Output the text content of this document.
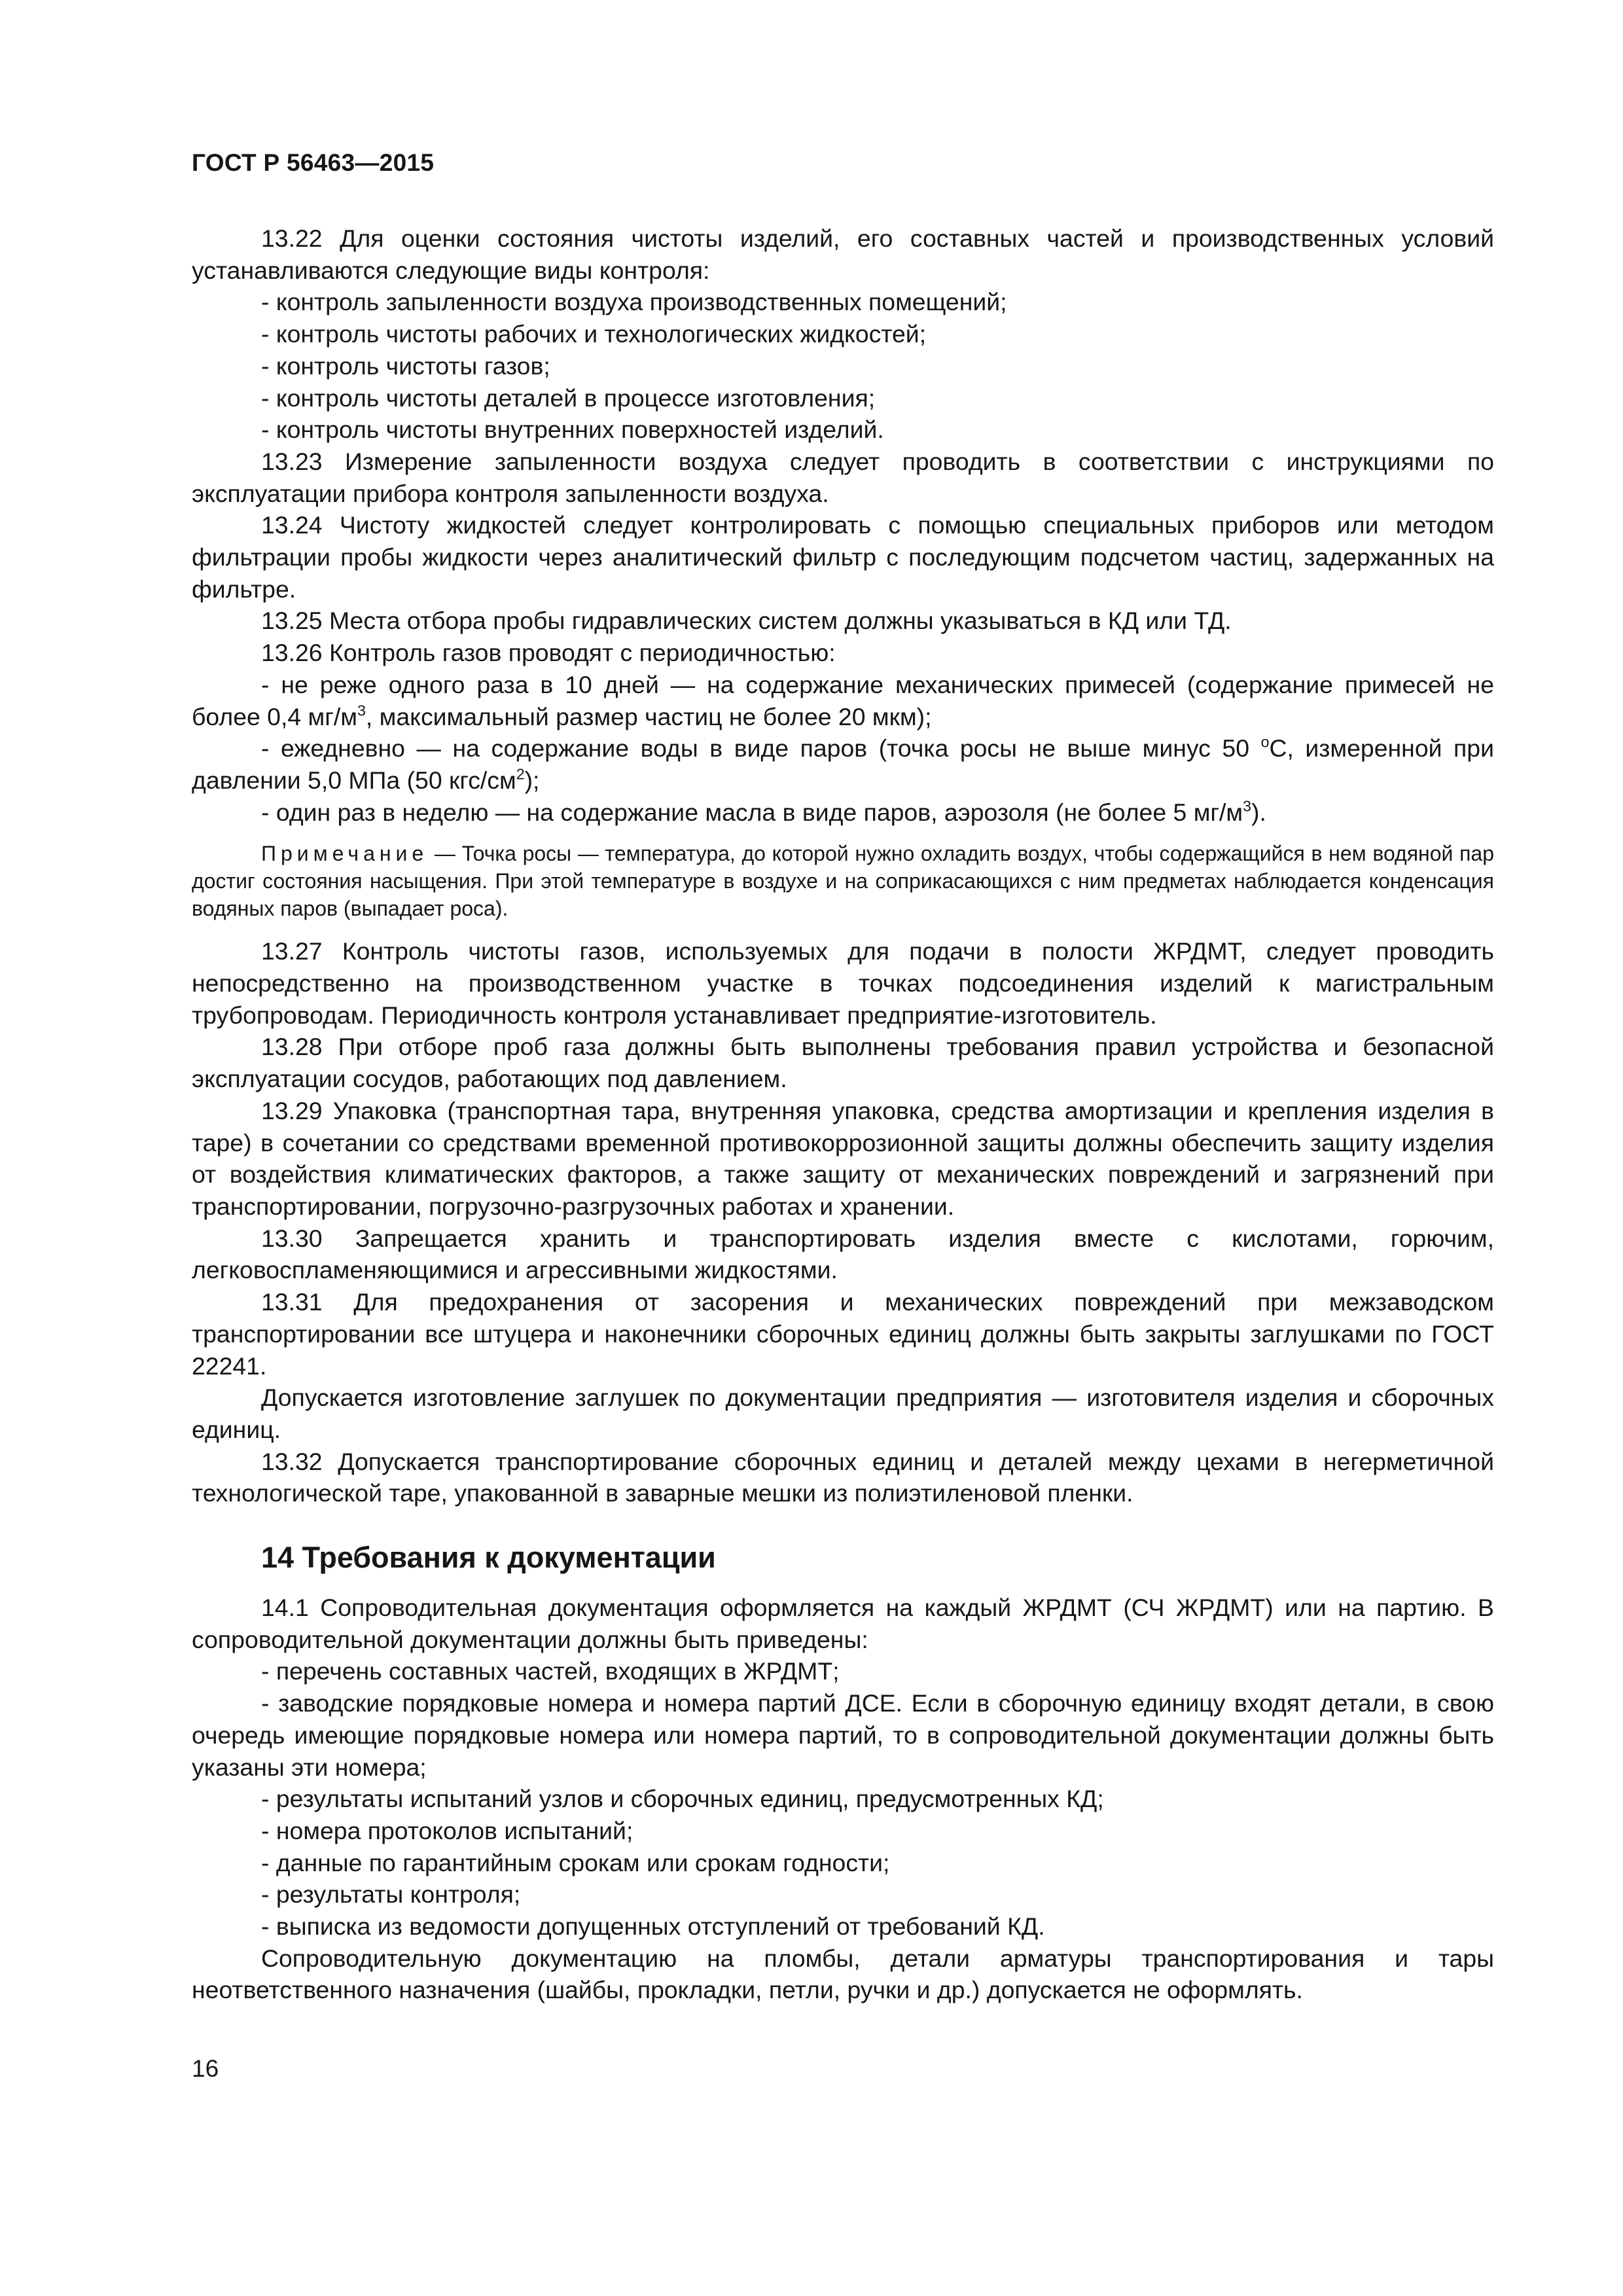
ГОСТ Р 56463—2015

13.22 Для оценки состояния чистоты изделий, его составных частей и производственных условий устанавливаются следующие виды контроля:

- контроль запыленности воздуха производственных помещений;

- контроль чистоты рабочих и технологических жидкостей;

- контроль чистоты газов;

- контроль чистоты деталей в процессе изготовления;

- контроль чистоты внутренних поверхностей изделий.

13.23 Измерение запыленности воздуха следует проводить в соответствии с инструкциями по эксплуатации прибора контроля запыленности воздуха.

13.24 Чистоту жидкостей следует контролировать с помощью специальных приборов или методом фильтрации пробы жидкости через аналитический фильтр с последующим подсчетом частиц, задержанных на фильтре.

13.25 Места отбора пробы гидравлических систем должны указываться в КД или ТД.

13.26 Контроль газов проводят с периодичностью:

- не реже одного раза в 10 дней — на содержание механических примесей (содержание примесей не более 0,4 $мг/м^3$, максимальный размер частиц не более 20 мкм);

- ежедневно — на содержание воды в виде паров (точка росы не выше минус 50 $^о$С, измеренной при давлении 5,0 МПа (50 кгс/$см^2$);

- один раз в неделю — на содержание масла в виде паров, аэрозоля (не более 5 $мг/м^3$).

Примечание — Точка росы — температура, до которой нужно охладить воздух, чтобы содержащийся в нем водяной пар достиг состояния насыщения. При этой температуре в воздухе и на соприкасающихся с ним предметах наблюдается конденсация водяных паров (выпадает роса).

13.27 Контроль чистоты газов, используемых для подачи в полости ЖРДМТ, следует проводить непосредственно на производственном участке в точках подсоединения изделий к магистральным трубопроводам. Периодичность контроля устанавливает предприятие-изготовитель.

13.28 При отборе проб газа должны быть выполнены требования правил устройства и безопасной эксплуатации сосудов, работающих под давлением.

13.29 Упаковка (транспортная тара, внутренняя упаковка, средства амортизации и крепления изделия в таре) в сочетании со средствами временной противокоррозионной защиты должны обеспечить защиту изделия от воздействия климатических факторов, а также защиту от механических повреждений и загрязнений при транспортировании, погрузочно-разгрузочных работах и хранении.

13.30 Запрещается хранить и транспортировать изделия вместе с кислотами, горючим, легковоспламеняющимися и агрессивными жидкостями.

13.31 Для предохранения от засорения и механических повреждений при межзаводском транспортировании все штуцера и наконечники сборочных единиц должны быть закрыты заглушками по ГОСТ 22241.

Допускается изготовление заглушек по документации предприятия — изготовителя изделия и сборочных единиц.

13.32 Допускается транспортирование сборочных единиц и деталей между цехами в негерметичной технологической таре, упакованной в заварные мешки из полиэтиленовой пленки.

14 Требования к документации

14.1 Сопроводительная документация оформляется на каждый ЖРДМТ (СЧ ЖРДМТ) или на партию. В сопроводительной документации должны быть приведены:

- перечень составных частей, входящих в ЖРДМТ;

- заводские порядковые номера и номера партий ДСЕ. Если в сборочную единицу входят детали, в свою очередь имеющие порядковые номера или номера партий, то в сопроводительной документации должны быть указаны эти номера;

- результаты испытаний узлов и сборочных единиц, предусмотренных КД;

- номера протоколов испытаний;

- данные по гарантийным срокам или срокам годности;

- результаты контроля;

- выписка из ведомости допущенных отступлений от требований КД.

Сопроводительную документацию на пломбы, детали арматуры транспортирования и тары неответственного назначения (шайбы, прокладки, петли, ручки и др.) допускается не оформлять.

16
